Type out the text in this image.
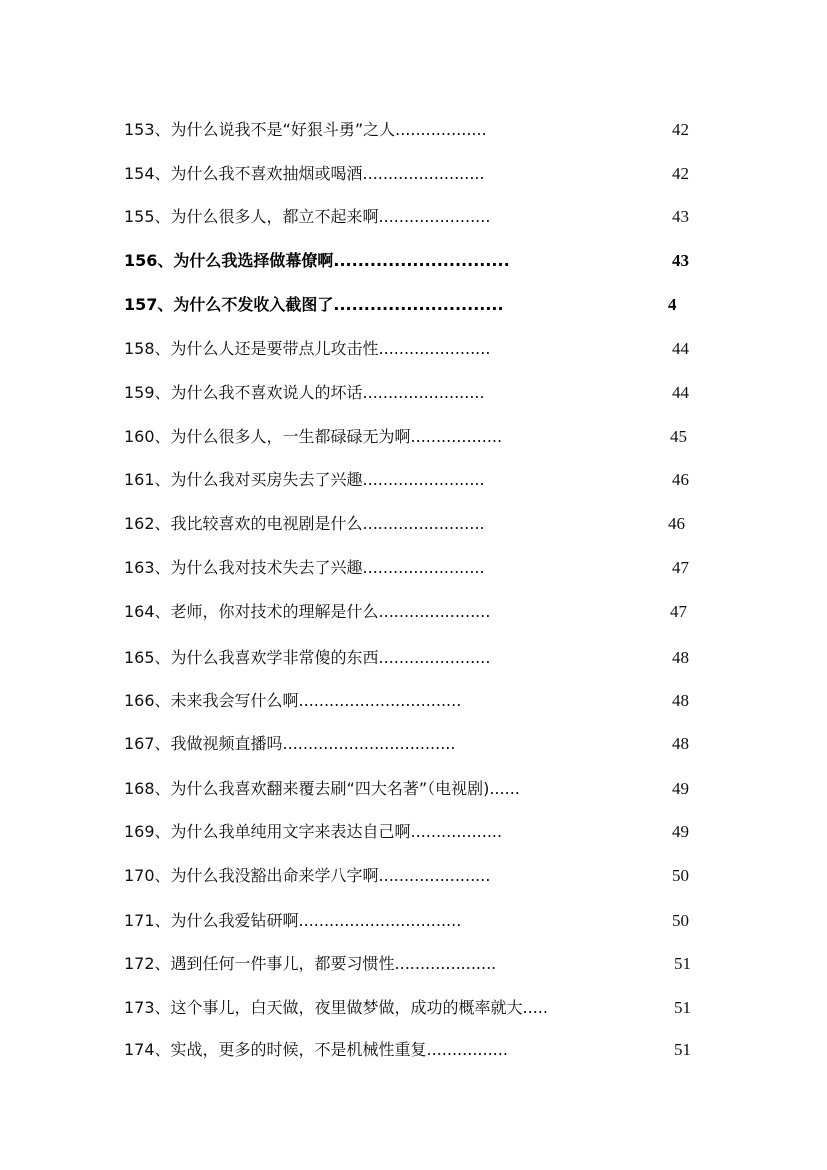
153、为什么说我不是“好狠斗勇”之人..................	42
154、为什么我不喜欢抽烟或喝酒........................	42
155、为什么很多人，都立不起来啊......................	43
156、为什么我选择做幕僚啊.............................	43
157、为什么不发收入截图了............................	4
158、为什么人还是要带点儿攻击性......................	44
159、为什么我不喜欢说人的坏话........................	44
160、为什么很多人，一生都碌碌无为啊..................	45
161、为什么我对买房失去了兴趣........................	46
162、我比较喜欢的电视剧是什么........................	46
163、为什么我对技术失去了兴趣........................	47
164、老师，你对技术的理解是什么......................	47
165、为什么我喜欢学非常傻的东西......................	48
166、未来我会写什么啊................................	48
167、我做视频直播吗..................................	48
168、为什么我喜欢翻来覆去刷“四大名著”（电视剧)......	49
169、为什么我单纯用文字来表达自己啊..................	49
170、为什么我没豁出命来学八字啊......................	50
171、为什么我爱钻研啊................................	50
172、遇到任何一件事儿，都要习惯性....................	51
173、这个事儿，白天做，夜里做梦做，成功的概率就大.....	51
174、实战，更多的时候，不是机械性重复................	51
